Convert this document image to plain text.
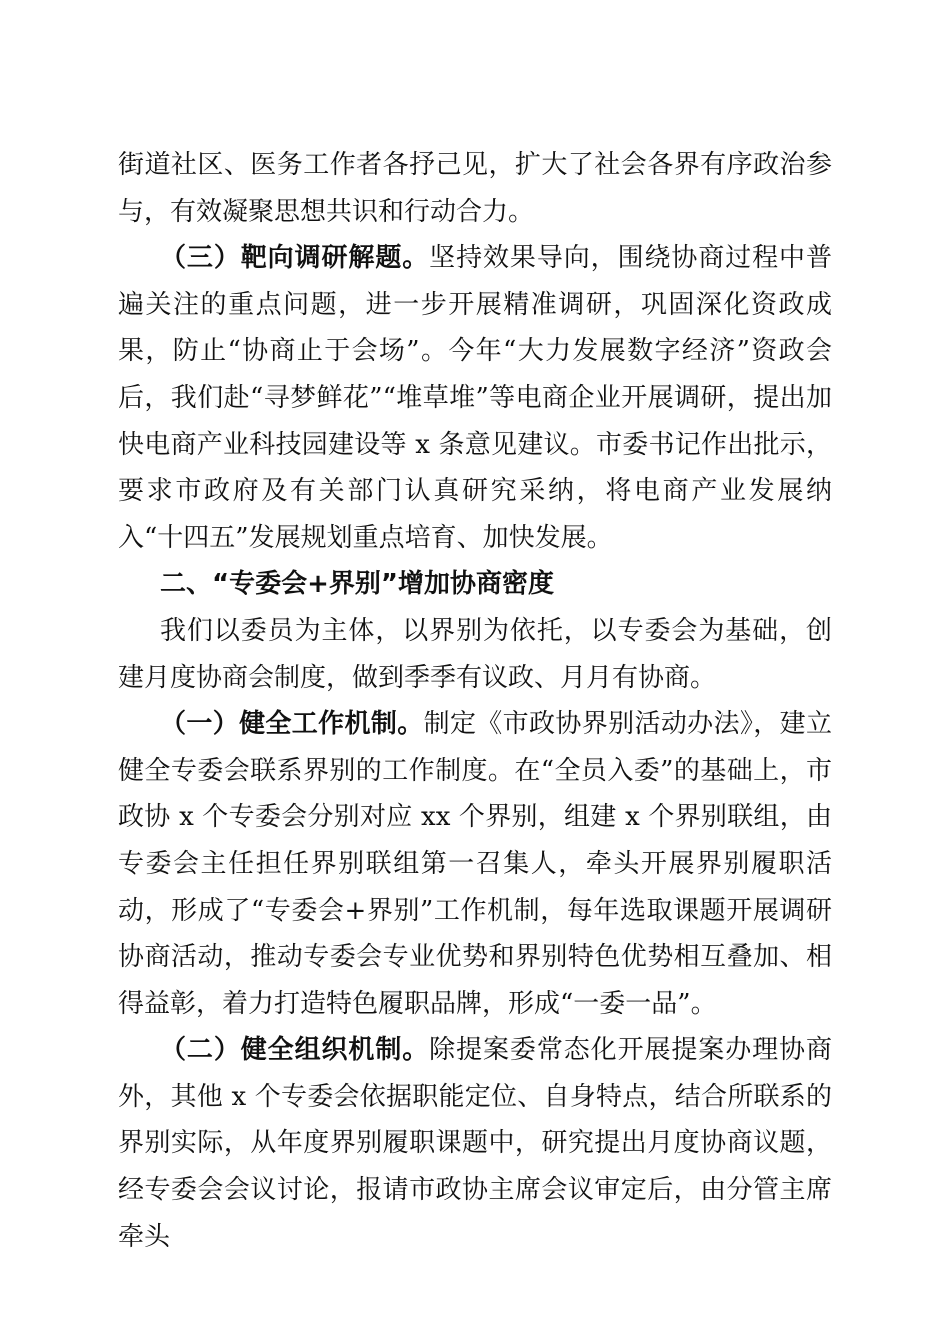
街道社区、医务工作者各抒己见，扩大了社会各界有序政治参与，有效凝聚思想共识和行动合力。

（三）靶向调研解题。坚持效果导向，围绕协商过程中普遍关注的重点问题，进一步开展精准调研，巩固深化资政成果，防止“协商止于会场”。今年“大力发展数字经济”资政会后，我们赴“寻梦鲜花”“堆草堆”等电商企业开展调研，提出加快电商产业科技园建设等 x 条意见建议。市委书记作出批示，要求市政府及有关部门认真研究采纳，将电商产业发展纳入“十四五”发展规划重点培育、加快发展。

二、“专委会+界别”增加协商密度

我们以委员为主体，以界别为依托，以专委会为基础，创建月度协商会制度，做到季季有议政、月月有协商。

（一）健全工作机制。制定《市政协界别活动办法》，建立健全专委会联系界别的工作制度。在“全员入委”的基础上，市政协 x 个专委会分别对应 xx 个界别，组建 x 个界别联组，由专委会主任担任界别联组第一召集人，牵头开展界别履职活动，形成了“专委会+界别”工作机制，每年选取课题开展调研协商活动，推动专委会专业优势和界别特色优势相互叠加、相得益彰，着力打造特色履职品牌，形成“一委一品”。

（二）健全组织机制。除提案委常态化开展提案办理协商外，其他 x 个专委会依据职能定位、自身特点，结合所联系的界别实际，从年度界别履职课题中，研究提出月度协商议题，经专委会会议讨论，报请市政协主席会议审定后，由分管主席牵头
